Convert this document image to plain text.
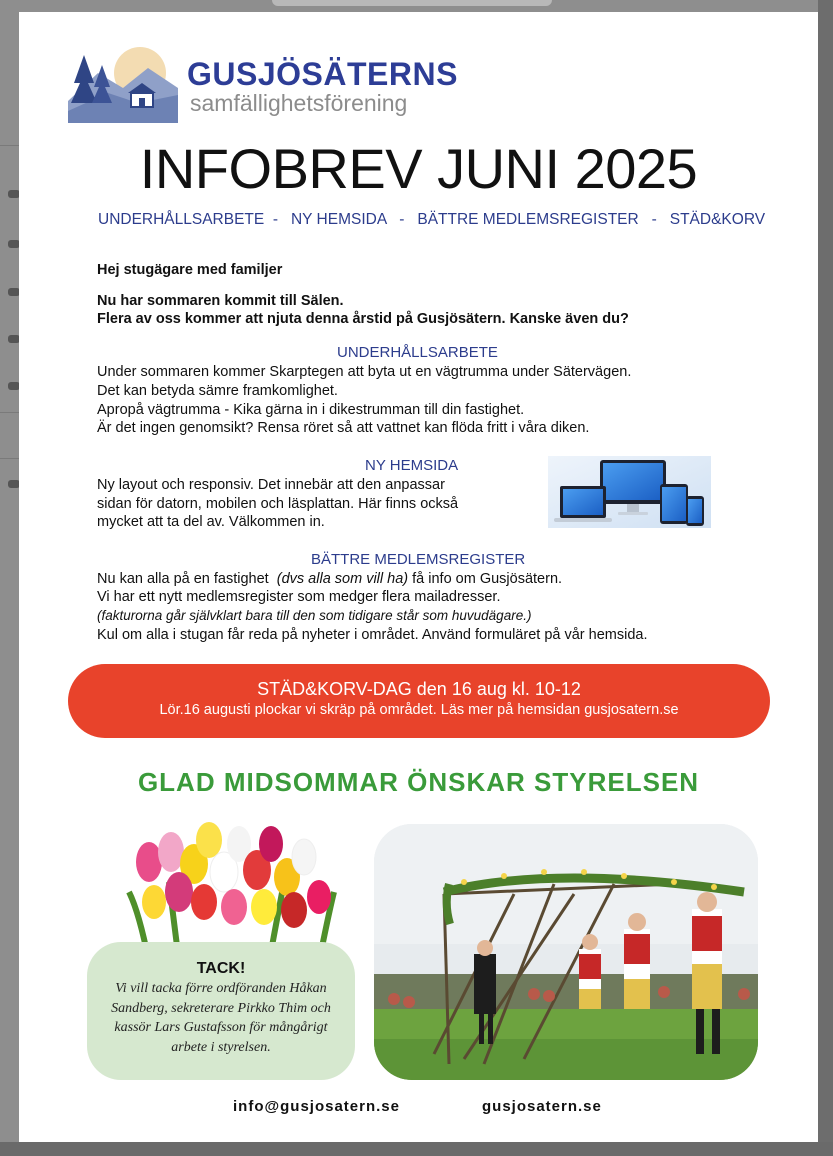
GUSJÖSÄTERNS
samfällighetsförening
INFOBREV JUNI 2025
UNDERHÅLLSARBETE - NY HEMSIDA - BÄTTRE MEDLEMSREGISTER - STÄD&KORV
Hej stugägare med familjer
Nu har sommaren kommit till Sälen.
Flera av oss kommer att njuta denna årstid på Gusjösätern. Kanske även du?
UNDERHÅLLSARBETE
Under sommaren kommer Skarptegen att byta ut en vägtrumma under Sätervägen.
Det kan betyda sämre framkomlighet.
Apropå vägtrumma - Kika gärna in i dikestrumman till din fastighet.
Är det ingen genomsikt? Rensa röret så att vattnet kan flöda fritt i våra diken.
NY HEMSIDA
Ny layout och responsiv. Det innebär att den anpassar
sidan för datorn, mobilen och läsplattan. Här finns också
mycket att ta del av. Välkommen in.
BÄTTRE MEDLEMSREGISTER
Nu kan alla på en fastighet (dvs alla som vill ha) få info om Gusjösätern.
Vi har ett nytt medlemsregister som medger flera mailadresser.
(fakturorna går självklart bara till den som tidigare står som huvudägare.)
Kul om alla i stugan får reda på nyheter i området. Använd formuläret på vår hemsida.
STÄD&KORV-DAG den 16 aug kl. 10-12
Lör.16 augusti plockar vi skräp på området. Läs mer på hemsidan gusjosatern.se
GLAD MIDSOMMAR ÖNSKAR STYRELSEN
TACK!
Vi vill tacka förre ordföranden Håkan Sandberg, sekreterare Pirkko Thim och kassör Lars Gustafsson för mångårigt arbete i styrelsen.
info@gusjosatern.se	gusjosatern.se
